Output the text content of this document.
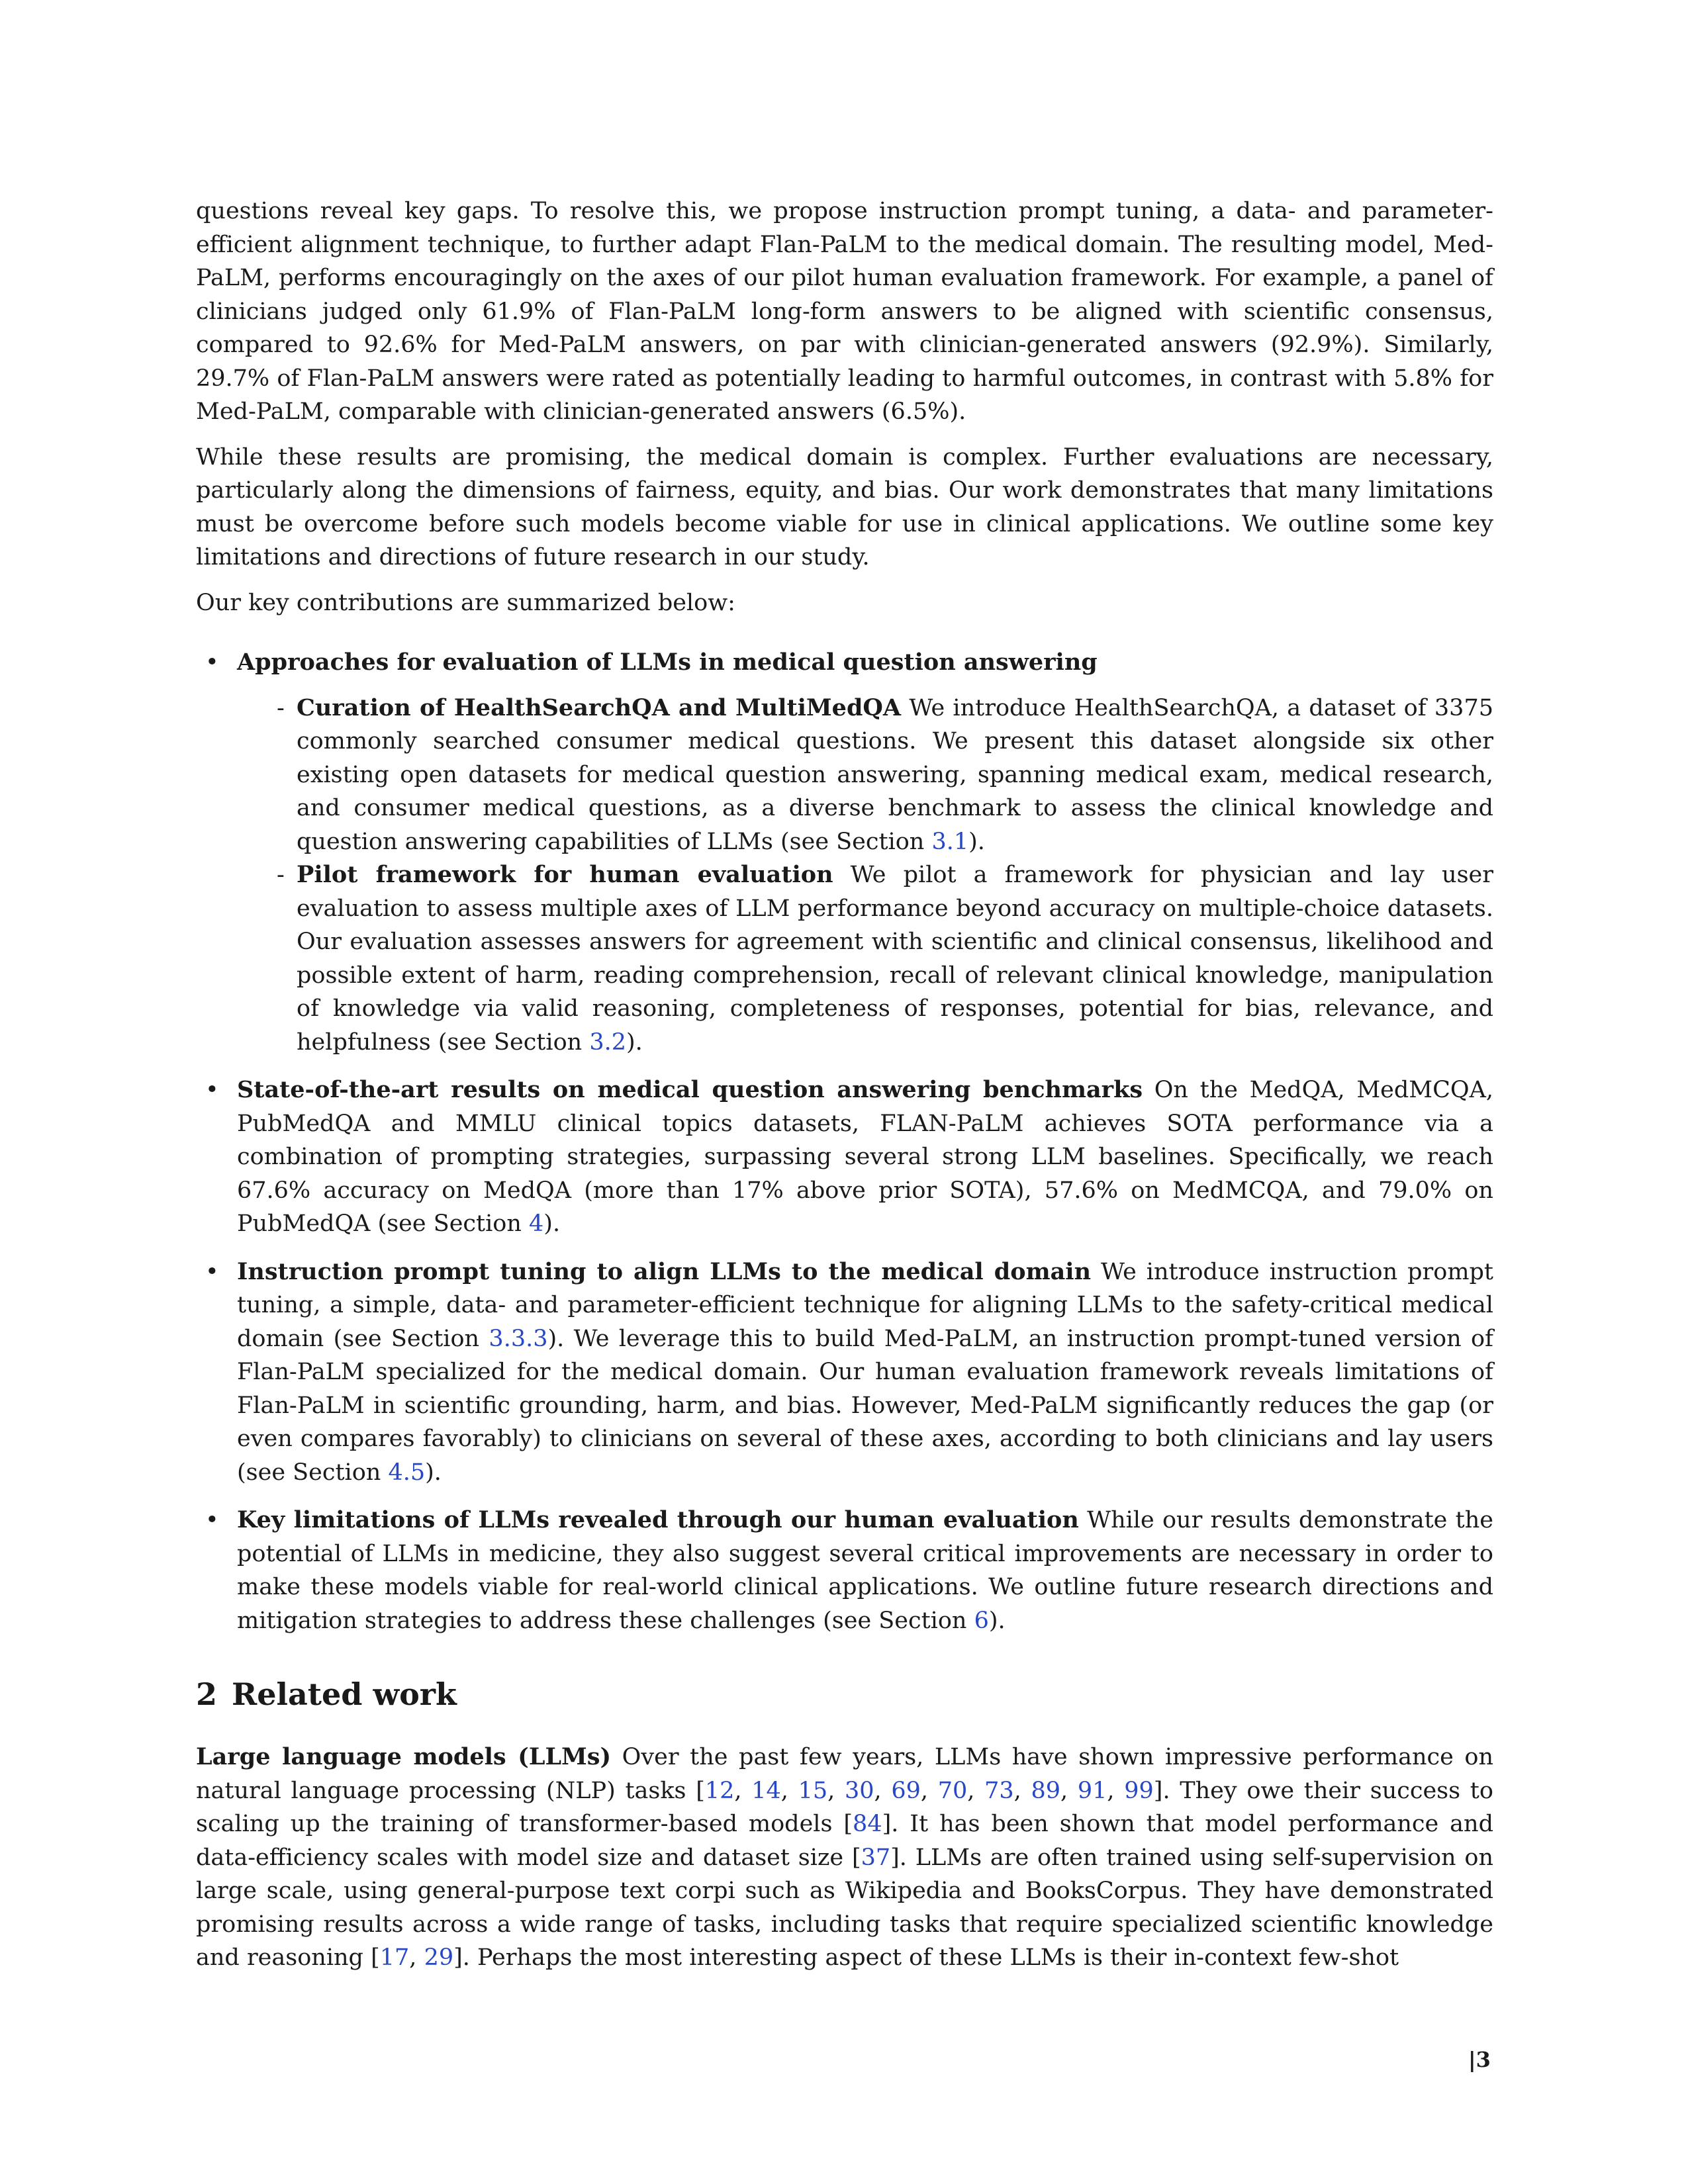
questions reveal key gaps. To resolve this, we propose instruction prompt tuning, a data- and parameter-efficient alignment technique, to further adapt Flan-PaLM to the medical domain. The resulting model, Med-PaLM, performs encouragingly on the axes of our pilot human evaluation framework. For example, a panel of clinicians judged only 61.9% of Flan-PaLM long-form answers to be aligned with scientific consensus, compared to 92.6% for Med-PaLM answers, on par with clinician-generated answers (92.9%). Similarly, 29.7% of Flan-PaLM answers were rated as potentially leading to harmful outcomes, in contrast with 5.8% for Med-PaLM, comparable with clinician-generated answers (6.5%).

While these results are promising, the medical domain is complex. Further evaluations are necessary, particularly along the dimensions of fairness, equity, and bias. Our work demonstrates that many limitations must be overcome before such models become viable for use in clinical applications. We outline some key limitations and directions of future research in our study.

Our key contributions are summarized below:

• Approaches for evaluation of LLMs in medical question answering
- Curation of HealthSearchQA and MultiMedQA We introduce HealthSearchQA, a dataset of 3375 commonly searched consumer medical questions. We present this dataset alongside six other existing open datasets for medical question answering, spanning medical exam, medical research, and consumer medical questions, as a diverse benchmark to assess the clinical knowledge and question answering capabilities of LLMs (see Section 3.1).
- Pilot framework for human evaluation We pilot a framework for physician and lay user evaluation to assess multiple axes of LLM performance beyond accuracy on multiple-choice datasets. Our evaluation assesses answers for agreement with scientific and clinical consensus, likelihood and possible extent of harm, reading comprehension, recall of relevant clinical knowledge, manipulation of knowledge via valid reasoning, completeness of responses, potential for bias, relevance, and helpfulness (see Section 3.2).
• State-of-the-art results on medical question answering benchmarks On the MedQA, MedMCQA, PubMedQA and MMLU clinical topics datasets, FLAN-PaLM achieves SOTA performance via a combination of prompting strategies, surpassing several strong LLM baselines. Specifically, we reach 67.6% accuracy on MedQA (more than 17% above prior SOTA), 57.6% on MedMCQA, and 79.0% on PubMedQA (see Section 4).
• Instruction prompt tuning to align LLMs to the medical domain We introduce instruction prompt tuning, a simple, data- and parameter-efficient technique for aligning LLMs to the safety-critical medical domain (see Section 3.3.3). We leverage this to build Med-PaLM, an instruction prompt-tuned version of Flan-PaLM specialized for the medical domain. Our human evaluation framework reveals limitations of Flan-PaLM in scientific grounding, harm, and bias. However, Med-PaLM significantly reduces the gap (or even compares favorably) to clinicians on several of these axes, according to both clinicians and lay users (see Section 4.5).
• Key limitations of LLMs revealed through our human evaluation While our results demonstrate the potential of LLMs in medicine, they also suggest several critical improvements are necessary in order to make these models viable for real-world clinical applications. We outline future research directions and mitigation strategies to address these challenges (see Section 6).
2 Related work

Large language models (LLMs) Over the past few years, LLMs have shown impressive performance on natural language processing (NLP) tasks [12, 14, 15, 30, 69, 70, 73, 89, 91, 99]. They owe their success to scaling up the training of transformer-based models [84]. It has been shown that model performance and data-efficiency scales with model size and dataset size [37]. LLMs are often trained using self-supervision on large scale, using general-purpose text corpi such as Wikipedia and BooksCorpus. They have demonstrated promising results across a wide range of tasks, including tasks that require specialized scientific knowledge and reasoning [17, 29]. Perhaps the most interesting aspect of these LLMs is their in-context few-shot

|3
